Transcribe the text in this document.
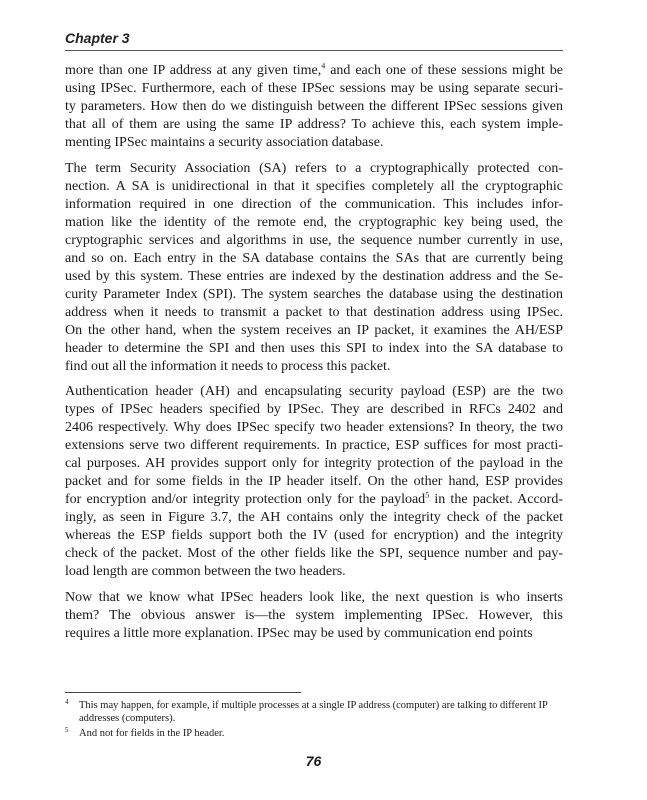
Chapter 3
more than one IP address at any given time,$^4$ and each one of these sessions might be
using IPSec. Furthermore, each of these IPSec sessions may be using separate securi-
ty parameters. How then do we distinguish between the different IPSec sessions given
that all of them are using the same IP address? To achieve this, each system imple-
menting IPSec maintains a security association database.
The term Security Association (SA) refers to a cryptographically protected con-
nection. A SA is unidirectional in that it specifies completely all the cryptographic
information required in one direction of the communication. This includes infor-
mation like the identity of the remote end, the cryptographic key being used, the
cryptographic services and algorithms in use, the sequence number currently in use,
and so on. Each entry in the SA database contains the SAs that are currently being
used by this system. These entries are indexed by the destination address and the Se-
curity Parameter Index (SPI). The system searches the database using the destination
address when it needs to transmit a packet to that destination address using IPSec.
On the other hand, when the system receives an IP packet, it examines the AH/ESP
header to determine the SPI and then uses this SPI to index into the SA database to
find out all the information it needs to process this packet.
Authentication header (AH) and encapsulating security payload (ESP) are the two
types of IPSec headers specified by IPSec. They are described in RFCs 2402 and
2406 respectively. Why does IPSec specify two header extensions? In theory, the two
extensions serve two different requirements. In practice, ESP suffices for most practi-
cal purposes. AH provides support only for integrity protection of the payload in the
packet and for some fields in the IP header itself. On the other hand, ESP provides
for encryption and/or integrity protection only for the payload$^5$ in the packet. Accord-
ingly, as seen in Figure 3.7, the AH contains only the integrity check of the packet
whereas the ESP fields support both the IV (used for encryption) and the integrity
check of the packet. Most of the other fields like the SPI, sequence number and pay-
load length are common between the two headers.
Now that we know what IPSec headers look like, the next question is who inserts
them? The obvious answer is—the system implementing IPSec. However, this
requires a little more explanation. IPSec may be used by communication end points
4 This may happen, for example, if multiple processes at a single IP address (computer) are talking to different IP addresses (computers).
5 And not for fields in the IP header.
76
